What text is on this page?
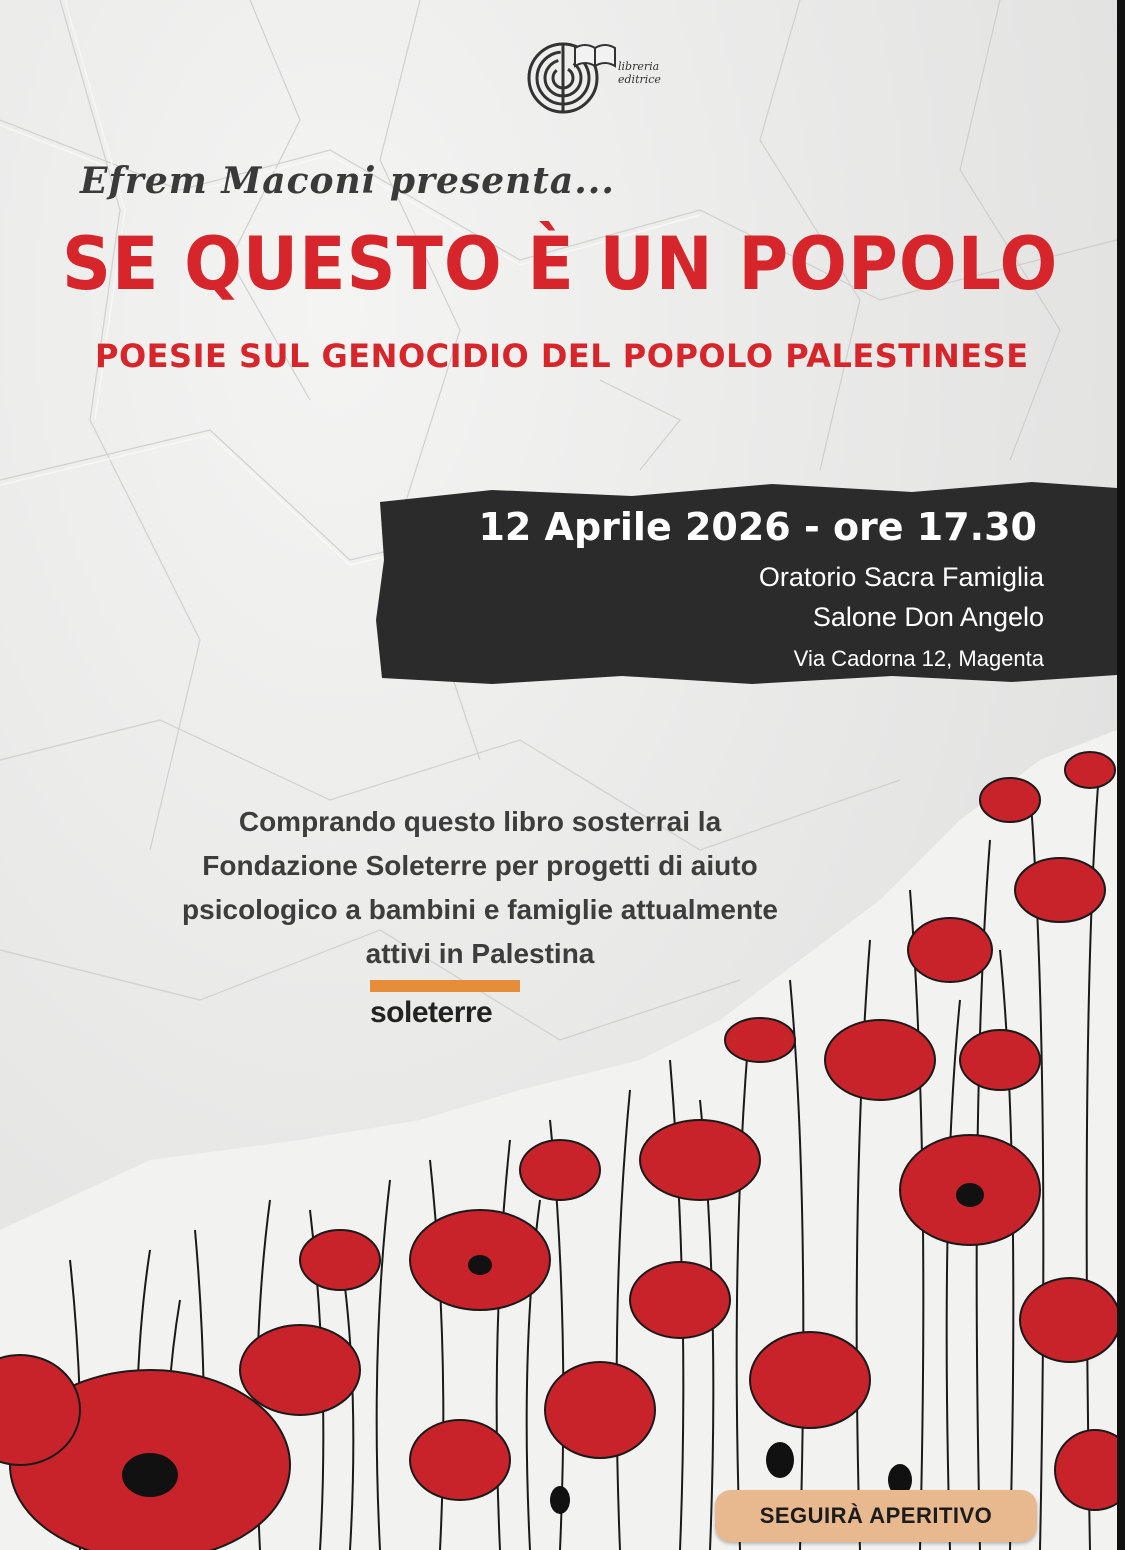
libreria
editrice
Efrem Maconi presenta...
SE QUESTO È UN POPOLO
POESIE SUL GENOCIDIO DEL POPOLO PALESTINESE
12 Aprile 2026 - ore 17.30
Oratorio Sacra Famiglia
Salone Don Angelo
Via Cadorna 12, Magenta
Comprando questo libro sosterrai la
Fondazione Soleterre per progetti di aiuto
psicologico a bambini e famiglie attualmente
attivi in Palestina
soleterre
SEGUIRÀ APERITIVO
